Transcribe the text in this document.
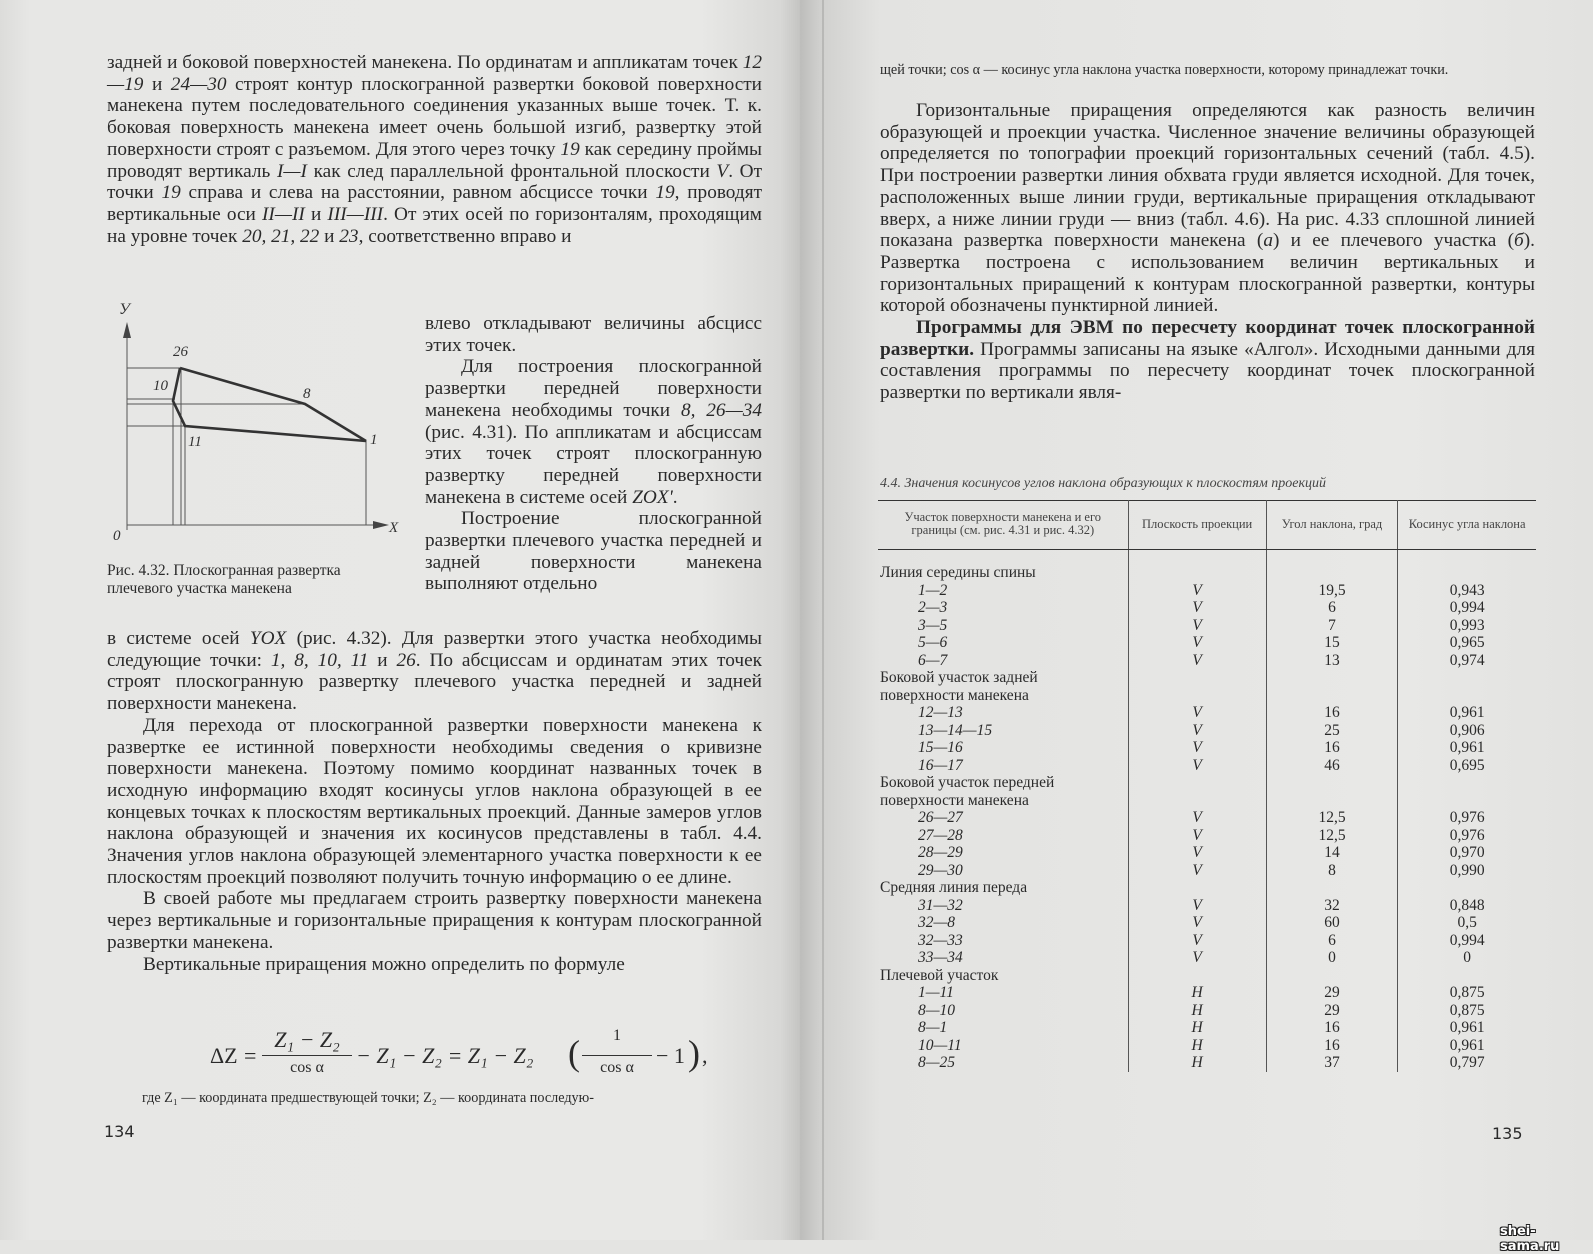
задней и боковой поверхностей манекена. По ординатам и аппликатам точек 12—19 и 24—30 строят контур плоскогранной развертки боковой поверхности манекена путем последовательного соединения указанных выше точек. Т. к. боковая поверхность манекена имеет очень большой изгиб, развертку этой поверхности строят с разъемом. Для этого через точку 19 как середину проймы проводят вертикаль I—I как след параллельной фронтальной плоскости V. От точки 19 справа и слева на расстоянии, равном абсциссе точки 19, проводят вертикальные оси II—II и III—III. От этих осей по горизонталям, проходящим на уровне точек 20, 21, 22 и 23, соответственно вправо и

влево откладывают величины абсцисс этих точек.

Для построения плоскогранной развертки передней поверхности манекена необходимы точки 8, 26—34 (рис. 4.31). По аппликатам и абсциссам этих точек строят плоскогранную развертку передней поверхности манекена в системе осей ZOX'.

Построение плоскогранной развертки плечевого участка передней и задней поверхности манекена выполняют отдельно

У
X
0
26
10	8
11	1
Рис. 4.32. Плоскогранная развертка плечевого участка манекена

в системе осей YOX (рис. 4.32). Для развертки этого участка необходимы следующие точки: 1, 8, 10, 11 и 26. По абсциссам и ординатам этих точек строят плоскогранную развертку плечевого участка передней и задней поверхности манекена.

Для перехода от плоскогранной развертки поверхности манекена к развертке ее истинной поверхности необходимы сведения о кривизне поверхности манекена. Поэтому помимо координат названных точек в исходную информацию входят косинусы углов наклона образующей в ее концевых точках к плоскостям вертикальных проекций. Данные замеров углов наклона образующей и значения их косинусов представлены в табл. 4.4. Значения углов наклона образующей элементарного участка поверхности к ее плоскостям проекций позволяют получить точную информацию о ее длине.

В своей работе мы предлагаем строить развертку поверхности манекена через вертикальные и горизонтальные приращения к контурам плоскогранной развертки манекена.

Вертикальные приращения можно определить по формуле

ΔZ =
Z₁ − Z₂
cos α	− Z₁ − Z₂ = Z₁ − Z₂ (	1
cos α	− 1 ) ,
где Z₁ — координата предшествующей точки; Z₂ — координата последую-
134
щей точки; cos α — косинус угла наклона участка поверхности, которому принадлежат точки.

Горизонтальные приращения определяются как разность величин образующей и проекции участка. Численное значение величины образующей определяется по топографии проекций горизонтальных сечений (табл. 4.5). При построении развертки линия обхвата груди является исходной. Для точек, расположенных выше линии груди, вертикальные приращения откладывают вверх, а ниже линии груди — вниз (табл. 4.6). На рис. 4.33 сплошной линией показана развертка поверхности манекена (а) и ее плечевого участка (б). Развертка построена с использованием величин вертикальных и горизонтальных приращений к контурам плоскогранной развертки, контуры которой обозначены пунктирной линией.

Программы для ЭВМ по пересчету координат точек плоскогранной развертки. Программы записаны на языке «Алгол». Исходными данными для составления программы по пересчету координат точек плоскогранной развертки по вертикали явля-

4.4. Значения косинусов углов наклона образующих к плоскостям проекций
Участок поверхности манекена и его границы (см. рис. 4.31 и рис. 4.32)	Плоскость проекции	Угол наклона, град	Косинус угла наклона

Линия середины спины			
1—2	V	19,5	0,943
2—3	V	6	0,994
3—5	V	7	0,993
5—6	V	15	0,965
6—7	V	13	0,974
Боковой участок задней поверхности манекена			
12—13	V	16	0,961
13—14—15	V	25	0,906
15—16	V	16	0,961
16—17	V	46	0,695
Боковой участок передней поверхности манекена			
26—27	V	12,5	0,976
27—28	V	12,5	0,976
28—29	V	14	0,970
29—30	V	8	0,990
Средняя линия переда			
31—32	V	32	0,848
32—8	V	60	0,5
32—33	V	6	0,994
33—34	V	0	0
Плечевой участок			
1—11	H	29	0,875
8—10	H	29	0,875
8—1	H	16	0,961
10—11	H	16	0,961
8—25	H	37	0,797
135
shei-sama.ru
